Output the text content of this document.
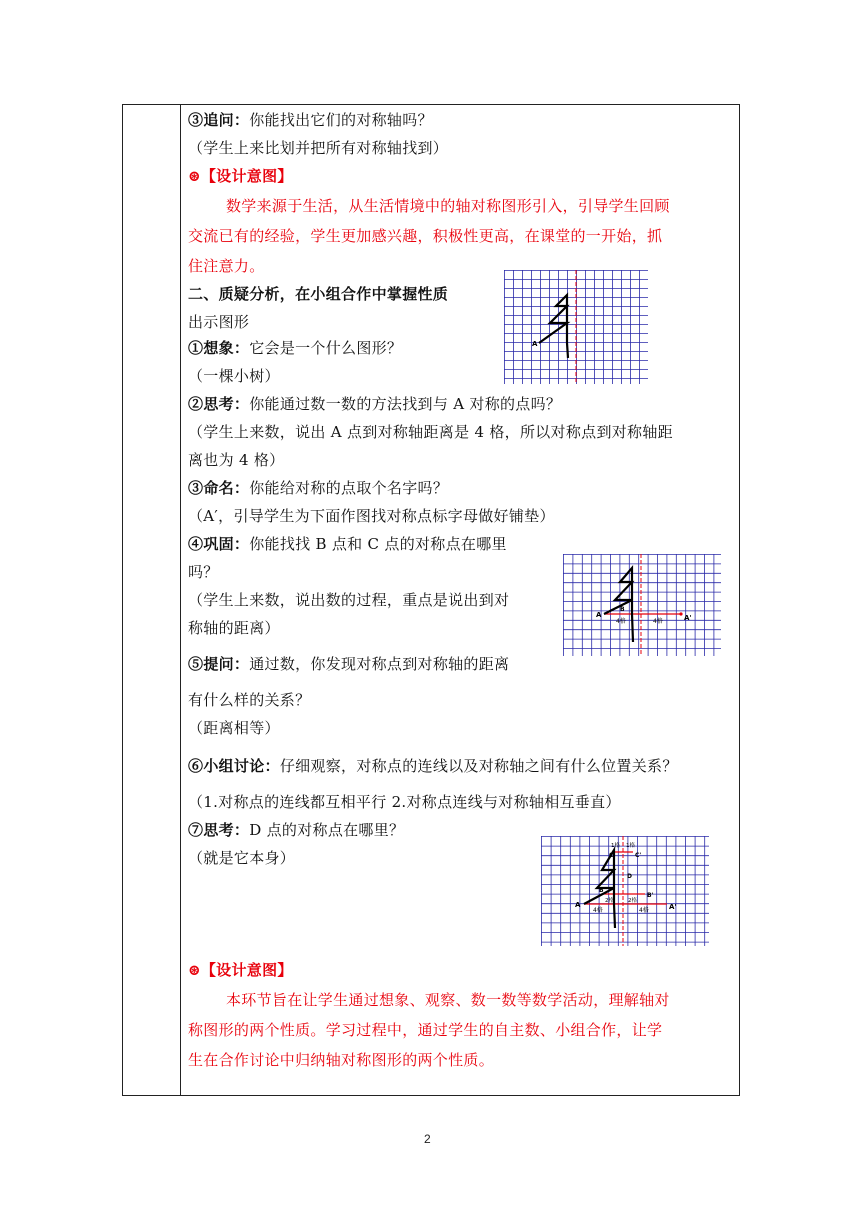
③追问：你能找出它们的对称轴吗？
（学生上来比划并把所有对称轴找到）
⊛【设计意图】
数学来源于生活，从生活情境中的轴对称图形引入，引导学生回顾
交流已有的经验，学生更加感兴趣，积极性更高，在课堂的一开始，抓
住注意力。
二、质疑分析，在小组合作中掌握性质
出示图形
①想象：它会是一个什么图形？
（一棵小树）
②思考：你能通过数一数的方法找到与 A 对称的点吗？
（学生上来数，说出 A 点到对称轴距离是 4 格，所以对称点到对称轴距
离也为 4 格）
③命名：你能给对称的点取个名字吗？
（A′，引导学生为下面作图找对称点标字母做好铺垫）
④巩固：你能找找 B 点和 C 点的对称点在哪里
吗？
（学生上来数，说出数的过程，重点是说出到对
称轴的距离）
⑤提问：通过数，你发现对称点到对称轴的距离
有什么样的关系？
（距离相等）
⑥小组讨论：仔细观察，对称点的连线以及对称轴之间有什么位置关系？
（1.对称点的连线都互相平行 2.对称点连线与对称轴相互垂直）
⑦思考：D 点的对称点在哪里？
（就是它本身）
⊛【设计意图】
本环节旨在让学生通过想象、观察、数一数等数学活动，理解轴对
称图形的两个性质。学习过程中，通过学生的自主数、小组合作，让学
生在合作讨论中归纳轴对称图形的两个性质。
A
A
B
A'
4格	4格
A
B
B'
C	C'
D
A'
1格 1格
2格	2格
4格	4格
2
